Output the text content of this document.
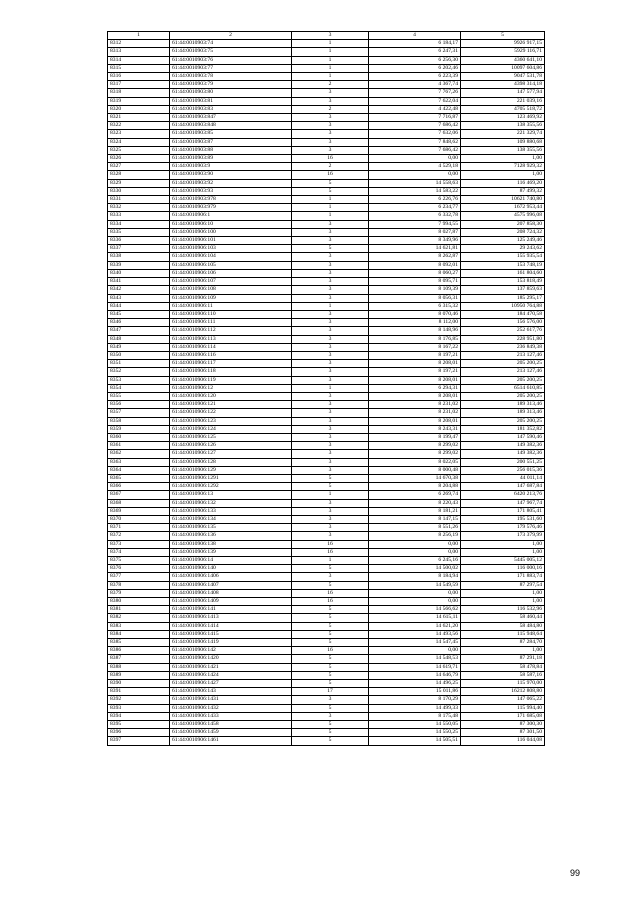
1	2	3	4	5
8312	61:44:0010903:74	1	6 184,17	9926 917,15
8313	61:44:0010903:75	1	6 247,31	5929 116,71
8314	61:44:0010903:76	1	6 256,30	4360 641,10
8315	61:44:0010903:77	1	6 202,46	10097 604,86
8316	61:44:0010903:78	1	6 223,39	9047 531,78
8317	61:44:0010903:79	2	4 367,74	4398 314,18
8318	61:44:0010903:80	3	7 767,26	147 577,94
8319	61:44:0010903:81	3	7 622,04	221 039,16
8320	61:44:0010903:83	2	4 422,48	4705 518,72
8321	61:44:0010903:847	3	7 716,87	123 469,92
8322	61:44:0010903:848	3	7 686,42	138 355,56
8323	61:44:0010903:85	3	7 632,06	221 329,74
8324	61:44:0010903:87	3	7 848,62	109 880,68
8325	61:44:0010903:88	3	7 686,42	138 355,56
8326	61:44:0010903:89	16	0,00	1,00
8327	61:44:0010903:9	2	4 529,18	7128 929,32
8328	61:44:0010903:90	16	0,00	1,00
8329	61:44:0010903:92	5	14 558,63	116 469,20
8330	61:44:0010903:93	5	14 583,22	87 499,32
8331	61:44:0010903:978	1	6 226,76	10621 740,80
8332	61:44:0010903:979	1	6 234,77	1672 953,44
8333	61:44:0010906:1	1	6 332,78	4575 996,08
8334	61:44:0010906:10	3	7 994,55	207 858,30
8335	61:44:0010906:100	3	8 027,87	208 724,32
8336	61:44:0010906:101	3	8 349,96	125 249,46
8337	61:44:0010906:103	5	14 621,81	29 243,62
8338	61:44:0010906:104	3	8 262,87	155 935,54
8339	61:44:0010906:105	3	8 092,01	153 748,19
8340	61:44:0010906:106	3	8 060,27	161 804,60
8341	61:44:0010906:107	3	8 095,71	153 818,49
8342	61:44:0010906:108	3	8 109,39	137 859,63
8343	61:44:0010906:109	3	8 056,31	185 295,17
8344	61:44:0010906:11	1	6 315,32	10950 764,88
8345	61:44:0010906:110	3	8 070,46	184 470,58
8346	61:44:0010906:111	3	8 112,00	156 576,00
8347	61:44:0010906:112	3	8 148,96	252 617,76
8348	61:44:0010906:113	3	8 176,85	228 951,80
8349	61:44:0010906:114	3	8 167,22	236 849,38
8350	61:44:0010906:116	3	8 197,21	213 127,46
8351	61:44:0010906:117	3	8 208,01	205 200,25
8352	61:44:0010906:118	3	8 197,21	213 127,46
8353	61:44:0010906:119	3	8 208,01	205 200,25
8354	61:44:0010906:12	1	6 294,31	6514 610,85
8355	61:44:0010906:120	3	8 208,01	205 200,25
8356	61:44:0010906:121	3	8 231,02	189 313,46
8357	61:44:0010906:122	3	8 231,02	189 313,46
8358	61:44:0010906:123	3	8 208,01	205 200,25
8359	61:44:0010906:124	3	8 243,31	181 352,82
8360	61:44:0010906:125	3	8 199,47	147 590,46
8361	61:44:0010906:126	3	8 299,02	149 382,36
8362	61:44:0010906:127	3	8 299,02	149 382,36
8363	61:44:0010906:128	3	8 022,05	200 551,25
8364	61:44:0010906:129	3	8 000,48	256 015,36
8365	61:44:0010906:1291	5	14 670,38	44 011,14
8366	61:44:0010906:1292	5	8 204,88	147 687,84
8367	61:44:0010906:13	1	6 269,74	6420 213,76
8368	61:44:0010906:132	3	8 220,43	147 967,74
8369	61:44:0010906:133	3	8 181,21	171 805,41
8370	61:44:0010906:134	3	8 147,15	195 531,60
8371	61:44:0010906:135	3	8 551,26	179 576,46
8372	61:44:0010906:136	3	8 256,19	173 379,99
8373	61:44:0010906:138	16	0,00	1,00
8374	61:44:0010906:139	16	0,00	1,00
8375	61:44:0010906:14	1	6 245,16	5445 005,12
8376	61:44:0010906:140	5	14 500,02	116 000,16
8377	61:44:0010906:1406	3	8 184,94	171 883,74
8378	61:44:0010906:1407	5	14 549,59	87 297,54
8379	61:44:0010906:1408	16	0,00	1,00
8380	61:44:0010906:1409	16	0,00	1,00
8381	61:44:0010906:141	5	14 566,62	116 532,96
8382	61:44:0010906:1413	5	14 615,11	58 460,44
8383	61:44:0010906:1414	5	14 621,20	58 484,80
8384	61:44:0010906:1415	5	14 493,56	115 948,64
8385	61:44:0010906:1419	5	14 547,45	87 284,70
8386	61:44:0010906:142	16	0,00	1,00
8387	61:44:0010906:1420	5	14 548,53	87 291,18
8388	61:44:0010906:1421	5	14 619,71	58 478,84
8389	61:44:0010906:1424	5	14 646,79	58 587,16
8390	61:44:0010906:1427	5	14 496,25	115 970,00
8391	61:44:0010906:143	17	15 011,86	16212 808,80
8392	61:44:0010906:1431	3	8 170,29	147 065,22
8393	61:44:0010906:1432	5	14 499,33	115 994,40
8394	61:44:0010906:1433	3	8 175,48	171 685,08
8395	61:44:0010906:1458	5	14 550,05	87 300,30
8396	61:44:0010906:1459	5	14 550,25	87 301,50
8397	61:44:0010906:1461	5	14 505,51	116 044,08
99
